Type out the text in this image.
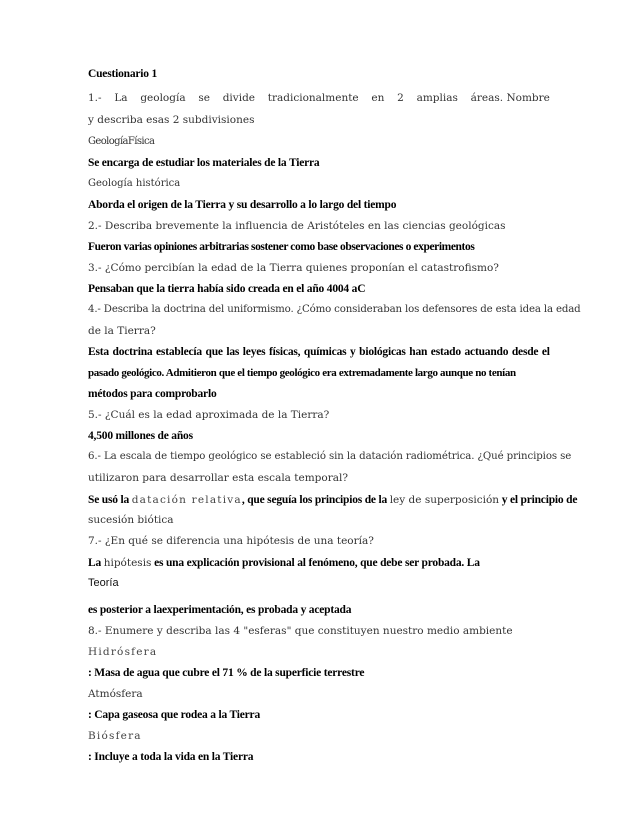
Cuestionario 1
1.- La geología se divide tradicionalmente en 2 amplias áreas. Nombre
y describa esas 2 subdivisiones
GeologíaFísica
Se encarga de estudiar los materiales de la Tierra
Geología histórica
Aborda el origen de la Tierra y su desarrollo a lo largo del tiempo
2.- Describa brevemente la influencia de Aristóteles en las ciencias geológicas
Fueron varias opiniones arbitrarias sostener como base observaciones o experimentos
3.- ¿Cómo percibían la edad de la Tierra quienes proponían el catastrofismo?
Pensaban que la tierra había sido creada en el año 4004 aC
4.- Describa la doctrina del uniformismo. ¿Cómo consideraban los defensores de esta idea la edad
de la Tierra?
Esta doctrina establecía que las leyes físicas, químicas y biológicas han estado actuando desde el
pasado geológico. Admitieron que el tiempo geológico era extremadamente largo aunque no tenían
métodos para comprobarlo
5.- ¿Cuál es la edad aproximada de la Tierra?
4,500 millones de años
6.- La escala de tiempo geológico se estableció sin la datación radiométrica. ¿Qué principios se
utilizaron para desarrollar esta escala temporal?
Se usó la datación relativa, que seguía los principios de la ley de superposición y el principio de
sucesión biótica
7.- ¿En qué se diferencia una hipótesis de una teoría?
La hipótesis es una explicación provisional al fenómeno, que debe ser probada. La
Teoría
es posterior a laexperimentación, es probada y aceptada
8.- Enumere y describa las 4 "esferas" que constituyen nuestro medio ambiente
Hidrósfera
: Masa de agua que cubre el 71 % de la superficie terrestre
Atmósfera
: Capa gaseosa que rodea a la Tierra
Biósfera
: Incluye a toda la vida en la Tierra
